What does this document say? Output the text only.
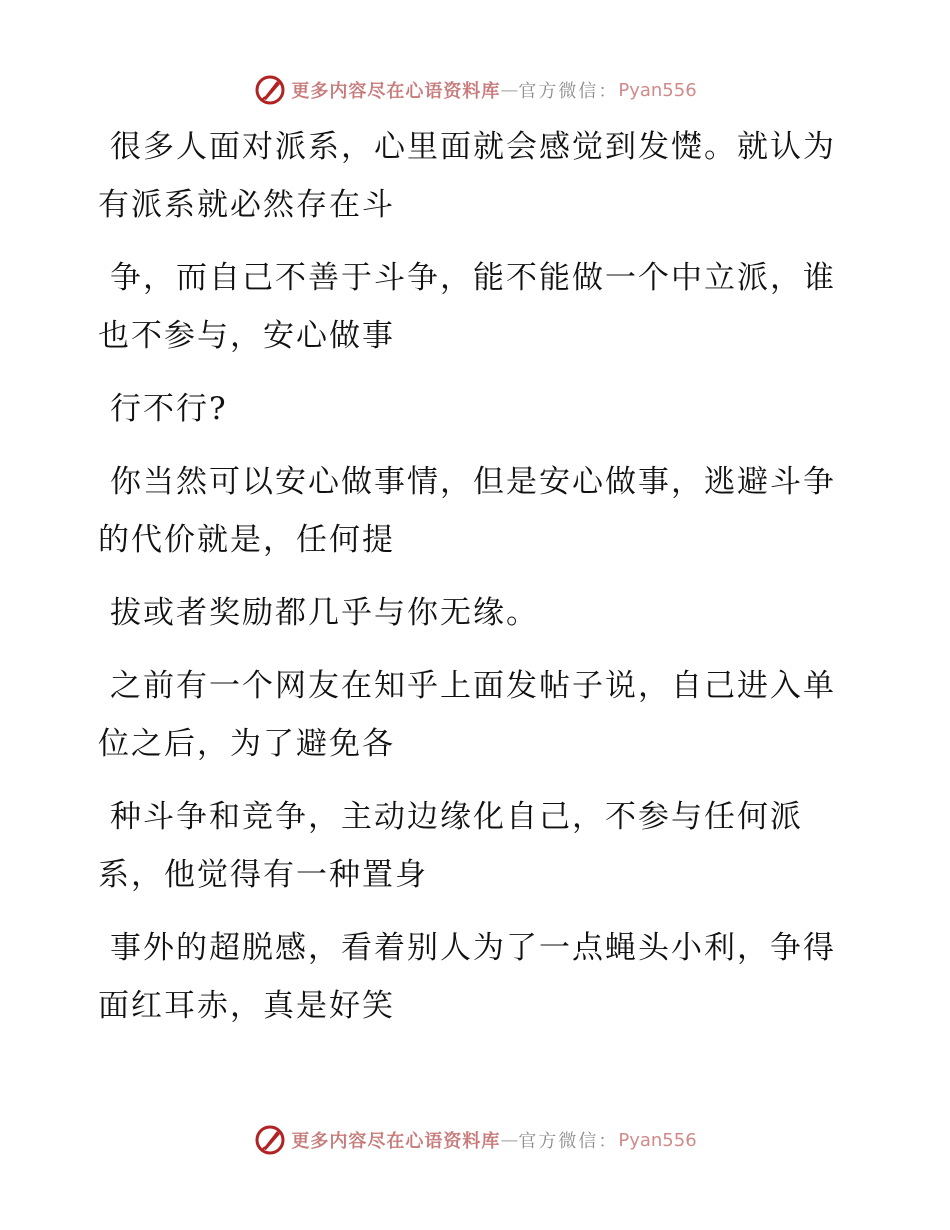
更多内容尽在心语资料库 — 官方微信： Pyan556

很多人面对派系，心里面就会感觉到发憷。就认为有派系就必然存在斗

争，而自己不善于斗争，能不能做一个中立派，谁也不参与，安心做事

行不行?

你当然可以安心做事情，但是安心做事，逃避斗争的代价就是，任何提

拔或者奖励都几乎与你无缘。

之前有一个网友在知乎上面发帖子说，自己进入单位之后，为了避免各

种斗争和竞争，主动边缘化自己，不参与任何派系，他觉得有一种置身

事外的超脱感，看着别人为了一点蝇头小利，争得面红耳赤，真是好笑

更多内容尽在心语资料库 — 官方微信： Pyan556
